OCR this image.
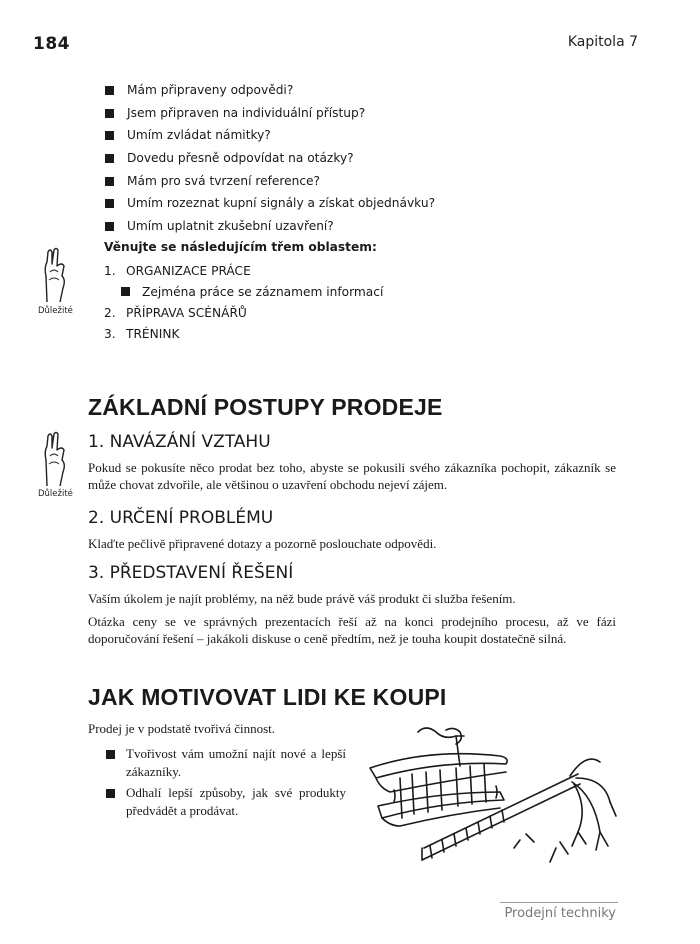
184	Kapitola 7
Mám připraveny odpovědi?
Jsem připraven na individuální přístup?
Umím zvládat námitky?
Dovedu přesně odpovídat na otázky?
Mám pro svá tvrzení reference?
Umím rozeznat kupní signály a získat objednávku?
Umím uplatnit zkušební uzavření?
Důležité
Věnujte se následujícím třem oblastem:
1. ORGANIZACE PRÁCE
Zejména práce se záznamem informací
2. PŘÍPRAVA SCÉNÁŘŮ
3. TRÉNINK
ZÁKLADNÍ POSTUPY PRODEJE
Důležité
1. NAVÁZÁNÍ VZTAHU
Pokud se pokusíte něco prodat bez toho, abyste se pokusili svého zákazníka pochopit, zákazník se může chovat zdvořile, ale většinou o uzavření obchodu nejeví zájem.
2. URČENÍ PROBLÉMU
Klaďte pečlivě připravené dotazy a pozorně poslouchate odpovědi.
3. PŘEDSTAVENÍ ŘEŠENÍ
Vaším úkolem je najít problémy, na něž bude právě váš produkt či služba řešením.
Otázka ceny se ve správných prezentacích řeší až na konci prodejního procesu, až ve fázi doporučování řešení – jakákoli diskuse o ceně předtím, než je touha koupit dostatečně silná.
JAK MOTIVOVAT LIDI KE KOUPI
Prodej je v podstatě tvořivá činnost.
Tvořivost vám umožní najít nové a lepší zákazníky.
Odhalí lepší způsoby, jak své produkty předvádět a prodávat.
Prodejní techniky
